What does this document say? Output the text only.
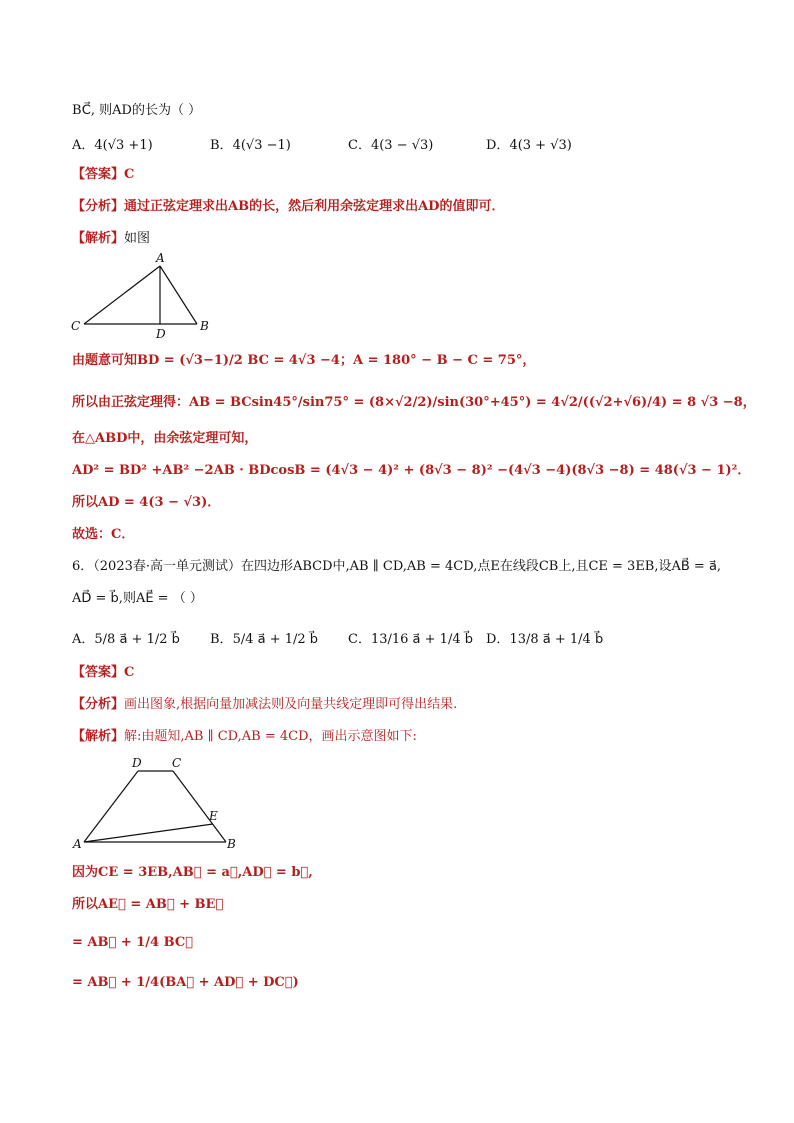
BC⃗, 则AD的长为（ ）
A．4(√3 +1)	B．4(√3 −1)	C．4(3 − √3)	D．4(3 + √3)
【答案】C
【分析】通过正弦定理求出AB的长，然后利用余弦定理求出AD的值即可．
【解析】如图
A
C
D
B
由题意可知BD = (√3−1)/2 BC = 4√3 −4；A = 180° − B − C = 75°，
所以由正弦定理得：AB = BCsin45°/sin75° = (8×√2/2)/sin(30°+45°) = 4√2/((√2+√6)/4) = 8 √3 −8，
在△ABD中，由余弦定理可知，
AD² = BD² +AB² −2AB · BDcosB = (4√3 − 4)² + (8√3 − 8)² −(4√3 −4)(8√3 −8) = 48(√3 − 1)²．
所以AD = 4(3 − √3)．
故选：C．
6．（2023春·高一单元测试）在四边形ABCD中,AB ∥ CD,AB = 4CD,点E在线段CB上,且CE = 3EB,设AB⃗ = a⃗,
AD⃗ = b⃗,则AE⃗ = （ ）
A．5/8 a⃗ + 1/2 b⃗ B．5/4 a⃗ + 1/2 b⃗ C．13/16 a⃗ + 1/4 b⃗ D．13/8 a⃗ + 1/4 b⃗
【答案】C
【分析】画出图象,根据向量加减法则及向量共线定理即可得出结果.
【解析】解:由题知,AB ∥ CD,AB = 4CD，画出示意图如下:
D	C
E
A	B
因为CE = 3EB,AB⃗ = a⃗,AD⃗ = b⃗,
所以AE⃗ = AB⃗ + BE⃗
= AB⃗ + 1/4 BC⃗
= AB⃗ + 1/4(BA⃗ + AD⃗ + DC⃗)
